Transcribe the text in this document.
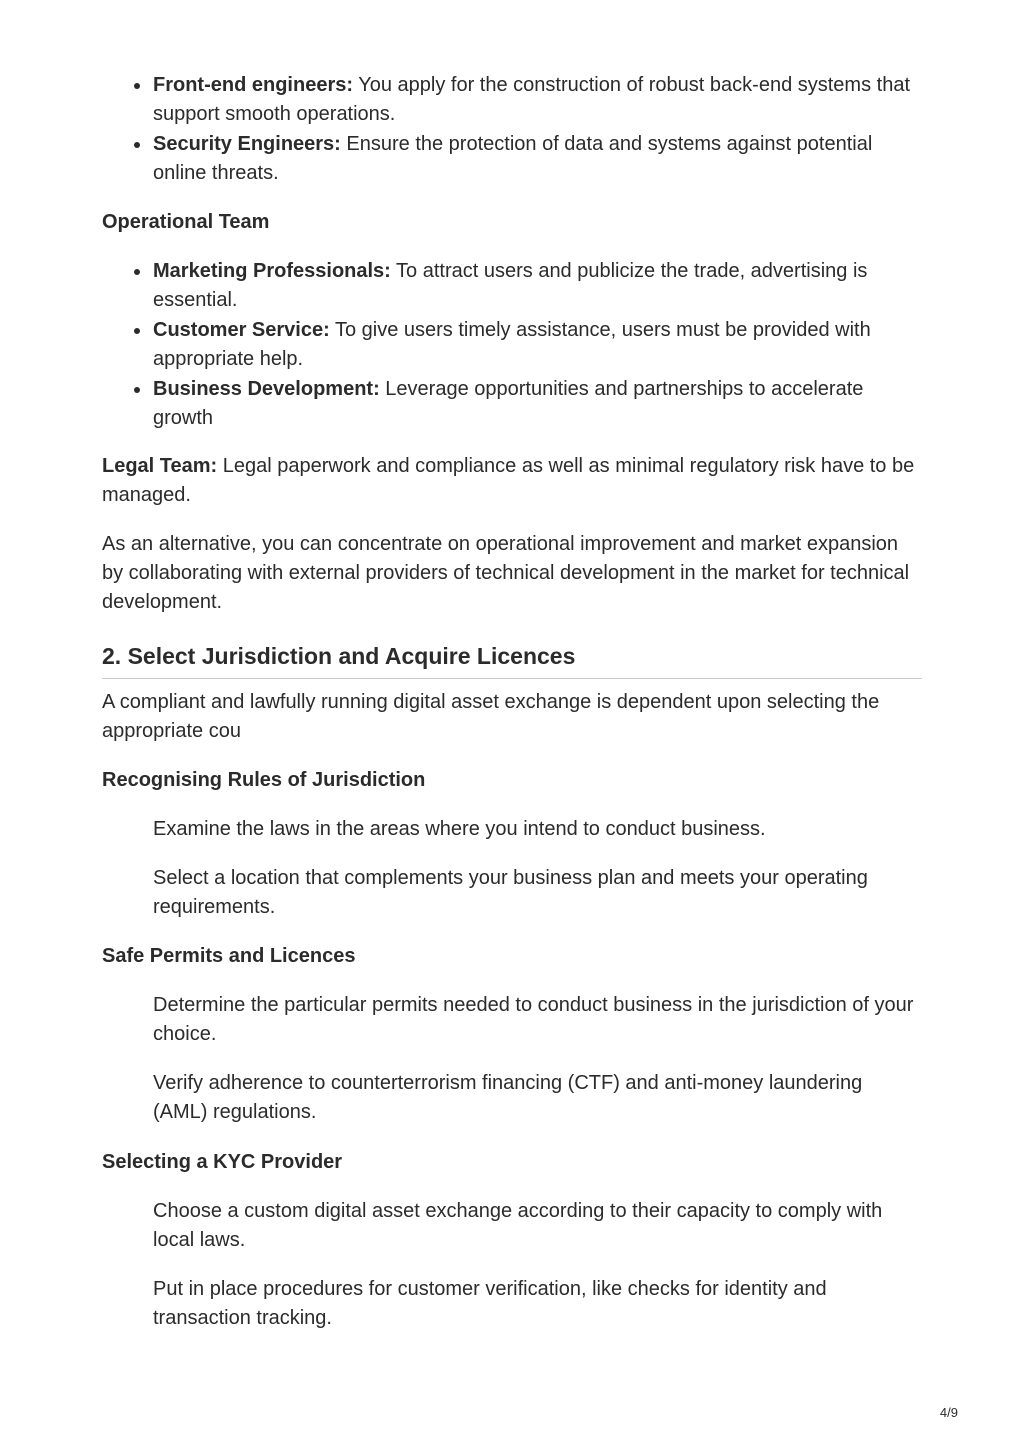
Front-end engineers: You apply for the construction of robust back-end systems that support smooth operations.
Security Engineers: Ensure the protection of data and systems against potential online threats.

Operational Team

Marketing Professionals: To attract users and publicize the trade, advertising is essential.
Customer Service: To give users timely assistance, users must be provided with appropriate help.
Business Development: Leverage opportunities and partnerships to accelerate growth

Legal Team: Legal paperwork and compliance as well as minimal regulatory risk have to be managed.

As an alternative, you can concentrate on operational improvement and market expansion by collaborating with external providers of technical development in the market for technical development.

2. Select Jurisdiction and Acquire Licences

A compliant and lawfully running digital asset exchange is dependent upon selecting the appropriate cou

Recognising Rules of Jurisdiction

Examine the laws in the areas where you intend to conduct business.

Select a location that complements your business plan and meets your operating requirements.

Safe Permits and Licences

Determine the particular permits needed to conduct business in the jurisdiction of your choice.

Verify adherence to counterterrorism financing (CTF) and anti-money laundering (AML) regulations.

Selecting a KYC Provider

Choose a custom digital asset exchange according to their capacity to comply with local laws.

Put in place procedures for customer verification, like checks for identity and transaction tracking.

4/9
